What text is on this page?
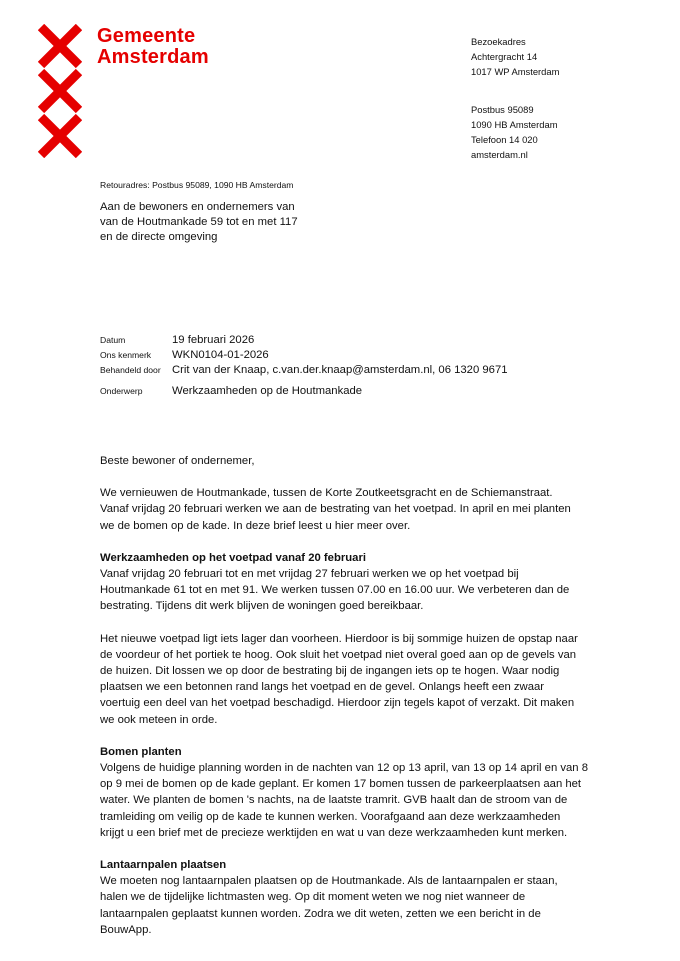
Gemeente
Amsterdam
Bezoekadres
Achtergracht 14
1017 WP Amsterdam
Postbus 95089
1090 HB Amsterdam
Telefoon 14 020
amsterdam.nl
Retouradres: Postbus 95089, 1090 HB Amsterdam
Aan de bewoners en ondernemers van
van de Houtmankade 59 tot en met 117
en de directe omgeving
Datum	19 februari 2026
Ons kenmerk WKN0104-01-2026
Behandeld door Crit van der Knaap, c.van.der.knaap@amsterdam.nl, 06 1320 9671
Onderwerp	Werkzaamheden op de Houtmankade

Beste bewoner of ondernemer,

We vernieuwen de Houtmankade, tussen de Korte Zoutkeetsgracht en de Schiemanstraat.
Vanaf vrijdag 20 februari werken we aan de bestrating van het voetpad. In april en mei planten
we de bomen op de kade. In deze brief leest u hier meer over.

Werkzaamheden op het voetpad vanaf 20 februari
Vanaf vrijdag 20 februari tot en met vrijdag 27 februari werken we op het voetpad bij
Houtmankade 61 tot en met 91. We werken tussen 07.00 en 16.00 uur. We verbeteren dan de
bestrating. Tijdens dit werk blijven de woningen goed bereikbaar.

Het nieuwe voetpad ligt iets lager dan voorheen. Hierdoor is bij sommige huizen de opstap naar
de voordeur of het portiek te hoog. Ook sluit het voetpad niet overal goed aan op de gevels van
de huizen. Dit lossen we op door de bestrating bij de ingangen iets op te hogen. Waar nodig
plaatsen we een betonnen rand langs het voetpad en de gevel. Onlangs heeft een zwaar
voertuig een deel van het voetpad beschadigd. Hierdoor zijn tegels kapot of verzakt. Dit maken
we ook meteen in orde.

Bomen planten
Volgens de huidige planning worden in de nachten van 12 op 13 april, van 13 op 14 april en van 8
op 9 mei de bomen op de kade geplant. Er komen 17 bomen tussen de parkeerplaatsen aan het
water. We planten de bomen 's nachts, na de laatste tramrit. GVB haalt dan de stroom van de
tramleiding om veilig op de kade te kunnen werken. Voorafgaand aan deze werkzaamheden
krijgt u een brief met de precieze werktijden en wat u van deze werkzaamheden kunt merken.

Lantaarnpalen plaatsen
We moeten nog lantaarnpalen plaatsen op de Houtmankade. Als de lantaarnpalen er staan,
halen we de tijdelijke lichtmasten weg. Op dit moment weten we nog niet wanneer de
lantaarnpalen geplaatst kunnen worden. Zodra we dit weten, zetten we een bericht in de
BouwApp.
